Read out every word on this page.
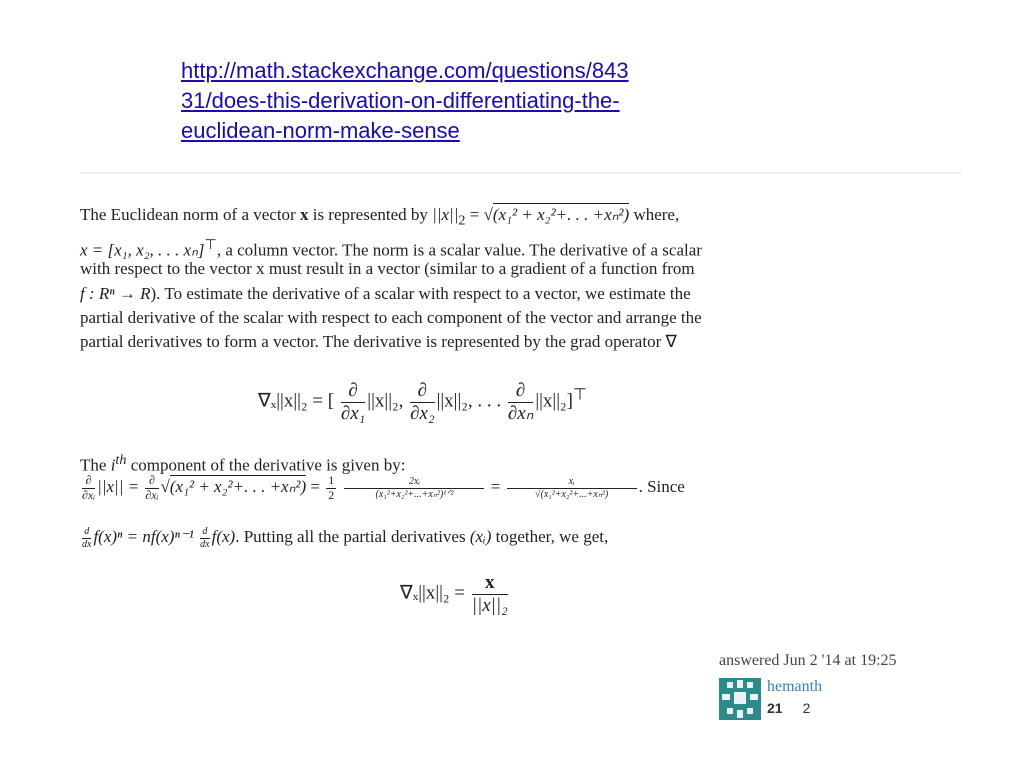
http://math.stackexchange.com/questions/843
31/does-this-derivation-on-differentiating-the-
euclidean-norm-make-sense
The Euclidean norm of a vector x is represented by $||x||_2 = √(x_1^2 + x_2^2+$. . . +xₙ²) where,
x = [x₁, x₂, . . . xₙ]⊤, a column vector. The norm is a scalar value. The derivative of a scalar
with respect to the vector x must result in a vector (similar to a gradient of a function from
f : Rⁿ → R). To estimate the derivative of a scalar with respect to a vector, we estimate the
partial derivative of the scalar with respect to each component of the vector and arrange the
partial derivatives to form a vector. The derivative is represented by the grad operator ∇
∇ₓ||x||₂ = [ $\frac{\partial}{\text{∂x₁}} ||x||_2$, $\frac{\partial}{\text{∂x₂}} ||x||_2$, . . . $\frac{\partial}{\text{∂xₙ}} ||x||_2]^⊤$
The $i^{th}$ component of the derivative is given by:
$\frac{\partial}{\text{∂xᵢ}} ||x|| = \frac{\partial}{\text{∂xᵢ}} √(x_1^2 + x_2^2+$. . . $+x_n^2) = \frac{1}{2}$
$\frac{\text{2xᵢ}}{\text{(x₁²+x₂²+...+xₙ²)¹ᐟ²}} = \frac{\text{xᵢ}}{\text{√(x₁²+x₂²+...+xₙ²)}}$ . Since
$\frac{d}{dx} f(x)^n = nf(x)^{n-1} \frac{d}{dx} f(x)$. Putting all the partial derivatives (xᵢ) together, we get,
$\nabla_x||x||_2 = \frac{x}{\text{||x||₂}}$
answered Jun 2 '14 at 19:25
hemanth
21 2
